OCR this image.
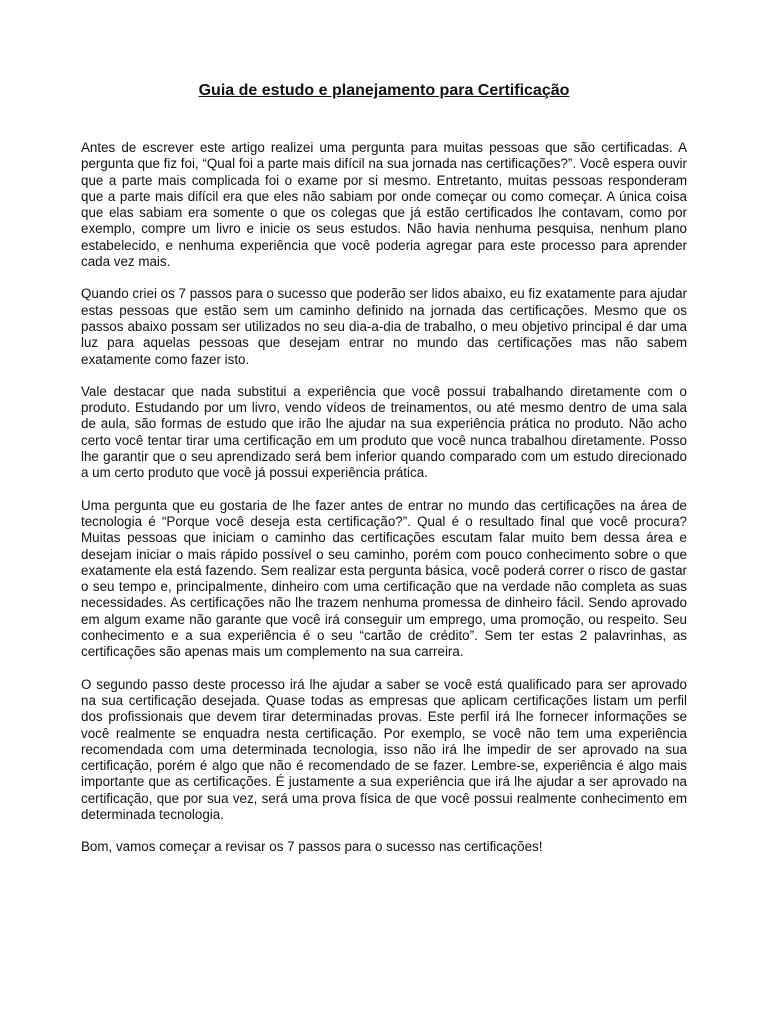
Guia de estudo e planejamento para Certificação

Antes de escrever este artigo realizei uma pergunta para muitas pessoas que são certificadas. A pergunta que fiz foi, “Qual foi a parte mais difícil na sua jornada nas certificações?”. Você espera ouvir que a parte mais complicada foi o exame por si mesmo. Entretanto, muitas pessoas responderam que a parte mais difícil era que eles não sabiam por onde começar ou como começar. A única coisa que elas sabiam era somente o que os colegas que já estão certificados lhe contavam, como por exemplo, compre um livro e inicie os seus estudos. Não havia nenhuma pesquisa, nenhum plano estabelecido, e nenhuma experiência que você poderia agregar para este processo para aprender cada vez mais.

Quando criei os 7 passos para o sucesso que poderão ser lidos abaixo, eu fiz exatamente para ajudar estas pessoas que estão sem um caminho definido na jornada das certificações. Mesmo que os passos abaixo possam ser utilizados no seu dia-a-dia de trabalho, o meu objetivo principal é dar uma luz para aquelas pessoas que desejam entrar no mundo das certificações mas não sabem exatamente como fazer isto.

Vale destacar que nada substitui a experiência que você possui trabalhando diretamente com o produto. Estudando por um livro, vendo vídeos de treinamentos, ou até mesmo dentro de uma sala de aula, são formas de estudo que irão lhe ajudar na sua experiência prática no produto. Não acho certo você tentar tirar uma certificação em um produto que você nunca trabalhou diretamente. Posso lhe garantir que o seu aprendizado será bem inferior quando comparado com um estudo direcionado a um certo produto que você já possui experiência prática.

Uma pergunta que eu gostaria de lhe fazer antes de entrar no mundo das certificações na área de tecnologia é “Porque você deseja esta certificação?”. Qual é o resultado final que você procura? Muitas pessoas que iniciam o caminho das certificações escutam falar muito bem dessa área e desejam iniciar o mais rápido possível o seu caminho, porém com pouco conhecimento sobre o que exatamente ela está fazendo. Sem realizar esta pergunta básica, você poderá correr o risco de gastar o seu tempo e, principalmente, dinheiro com uma certificação que na verdade não completa as suas necessidades. As certificações não lhe trazem nenhuma promessa de dinheiro fácil. Sendo aprovado em algum exame não garante que você irá conseguir um emprego, uma promoção, ou respeito. Seu conhecimento e a sua experiência é o seu “cartão de crédito”. Sem ter estas 2 palavrinhas, as certificações são apenas mais um complemento na sua carreira.

O segundo passo deste processo irá lhe ajudar a saber se você está qualificado para ser aprovado na sua certificação desejada. Quase todas as empresas que aplicam certificações listam um perfil dos profissionais que devem tirar determinadas provas. Este perfil irá lhe fornecer informações se você realmente se enquadra nesta certificação. Por exemplo, se você não tem uma experiência recomendada com uma determinada tecnologia, isso não irá lhe impedir de ser aprovado na sua certificação, porém é algo que não é recomendado de se fazer. Lembre-se, experiência é algo mais importante que as certificações. É justamente a sua experiência que irá lhe ajudar a ser aprovado na certificação, que por sua vez, será uma prova física de que você possui realmente conhecimento em determinada tecnologia.

Bom, vamos começar a revisar os 7 passos para o sucesso nas certificações!
